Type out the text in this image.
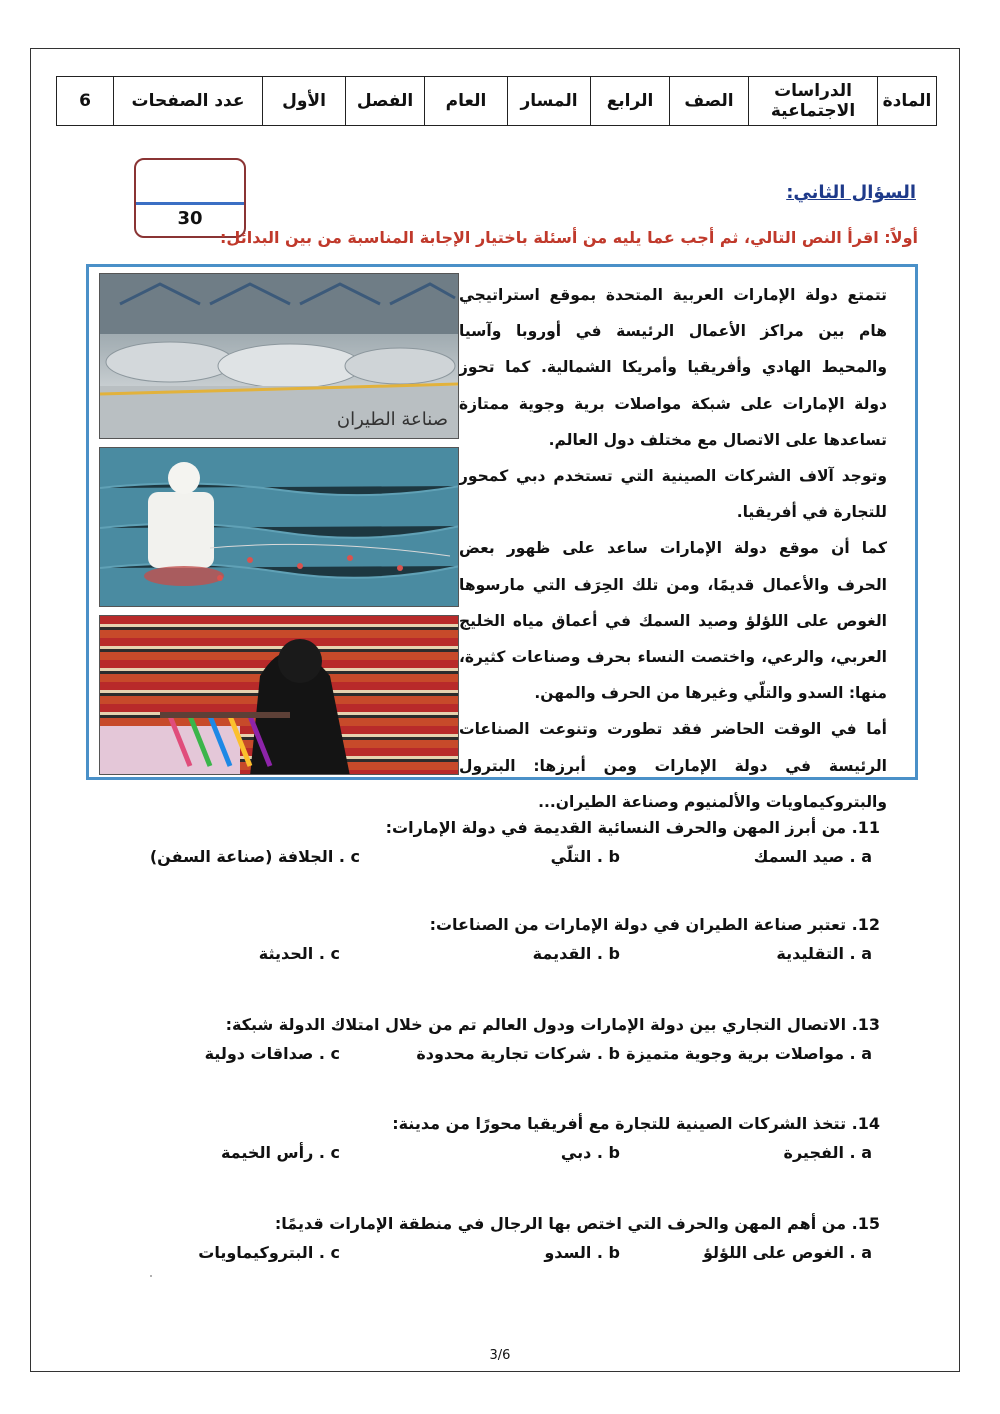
المادة	الدراسات الاجتماعية	الصف	الرابع	المسار	العام	الفصل	الأول	عدد الصفحات	6
30
السؤال الثاني:
أولاً: اقرأ النص التالي، ثم أجب عما يليه من أسئلة باختيار الإجابة المناسبة من بين البدائل:

تتمتع دولة الإمارات العربية المتحدة بموقع استراتيجي هام بين مراكز الأعمال الرئيسة في أوروبا وآسيا والمحيط الهادي وأفريقيا وأمريكا الشمالية. كما تحوز دولة الإمارات على شبكة مواصلات برية وجوية ممتازة تساعدها على الاتصال مع مختلف دول العالم.

وتوجد آلاف الشركات الصينية التي تستخدم دبي كمحور للتجارة في أفريقيا.

كما أن موقع دولة الإمارات ساعد على ظهور بعض الحرف والأعمال قديمًا، ومن تلك الحِرَف التي مارسوها الغوص على اللؤلؤ وصيد السمك في أعماق مياه الخليج العربي، والرعي، واختصت النساء بحرف وصناعات كثيرة، منها: السدو والتلّي وغيرها من الحرف والمهن.

أما في الوقت الحاضر فقد تطورت وتنوعت الصناعات الرئيسة في دولة الإمارات ومن أبرزها: البترول والبتروكيماويات والألمنيوم وصناعة الطيران...

صناعة الطيران
11. من أبرز المهن والحرف النسائية القديمة في دولة الإمارات:
a . صيد السمك
b . التلّي
c . الجلافة (صناعة السفن)
12. تعتبر صناعة الطيران في دولة الإمارات من الصناعات:
a . التقليدية
b . القديمة
c . الحديثة
13. الاتصال التجاري بين دولة الإمارات ودول العالم تم من خلال امتلاك الدولة شبكة:
a . مواصلات برية وجوية متميزة
b . شركات تجارية محدودة
c . صداقات دولية
14. تتخذ الشركات الصينية للتجارة مع أفريقيا محورًا من مدينة:
a . الفجيرة
b . دبي
c . رأس الخيمة
15. من أهم المهن والحرف التي اختص بها الرجال في منطقة الإمارات قديمًا:
a . الغوص على اللؤلؤ
b . السدو
c . البتروكيماويات
3/6
